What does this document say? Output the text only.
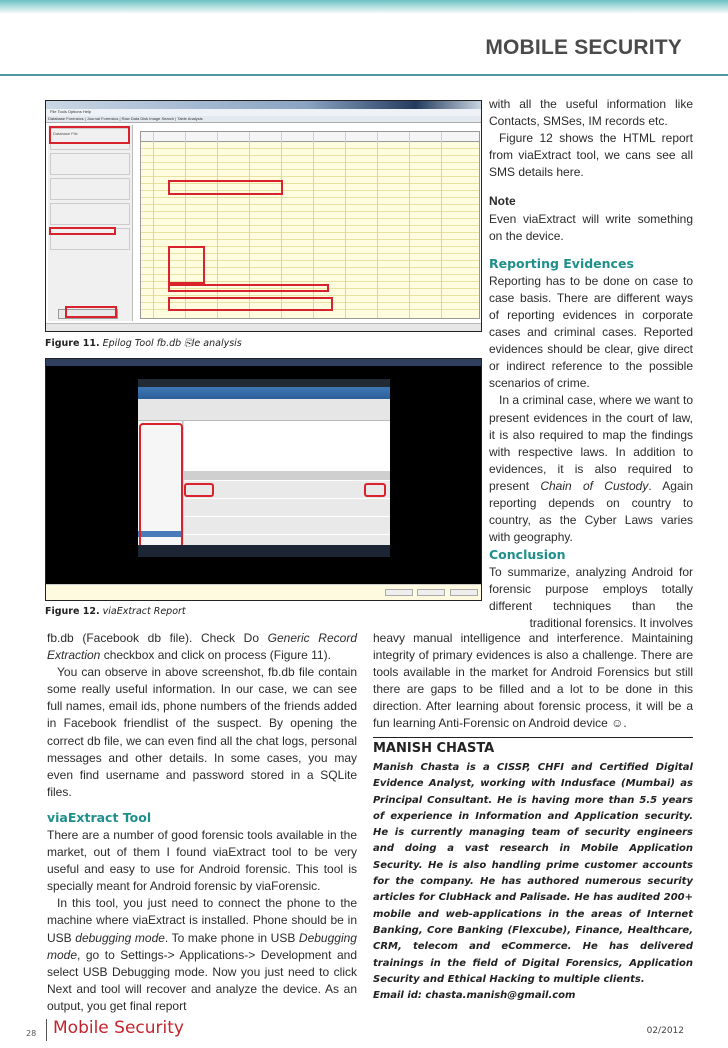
MOBILE SECURITY
File Tools Options Help
Database Forensics | Journal Forensics | Raw Data Disk Image Search | Table Analysis
Database File
Figure 11. Epilog Tool fb.db ⎘le analysis
Figure 12. viaExtract Report

with all the useful information like Contacts, SMSes, IM records etc.

Figure 12 shows the HTML report from viaExtract tool, we cans see all SMS details here.

Note

Even viaExtract will write something on the device.

Reporting Evidences

Reporting has to be done on case to case basis. There are different ways of reporting evidences in corporate cases and criminal cases. Reported evidences should be clear, give direct or indirect reference to the possible scenarios of crime.

In a criminal case, where we want to present evidences in the court of law, it is also required to map the findings with respective laws. In addition to evidences, it is also required to present Chain of Custody. Again reporting depends on country to country, as the Cyber Laws varies with geography.

Conclusion

To summarize, analyzing Android for forensic purpose employs totally different techniques than the traditional forensics. It involves

fb.db (Facebook db file). Check Do Generic Record Extraction checkbox and click on process (Figure 11).

You can observe in above screenshot, fb.db file contain some really useful information. In our case, we can see full names, email ids, phone numbers of the friends added in Facebook friendlist of the suspect. By opening the correct db file, we can even find all the chat logs, personal messages and other details. In some cases, you may even find username and password stored in a SQLite files.

viaExtract Tool

There are a number of good forensic tools available in the market, out of them I found viaExtract tool to be very useful and easy to use for Android forensic. This tool is specially meant for Android forensic by viaForensic.

In this tool, you just need to connect the phone to the machine where viaExtract is installed. Phone should be in USB debugging mode. To make phone in USB Debugging mode, go to Settings-> Applications-> Development and select USB Debugging mode. Now you just need to click Next and tool will recover and analyze the device. As an output, you get final report

heavy manual intelligence and interference. Maintaining integrity of primary evidences is also a challenge. There are tools available in the market for Android Forensics but still there are gaps to be filled and a lot to be done in this direction. After learning about forensic process, it will be a fun learning Anti-Forensic on Android device ☺.

MANISH CHASTA

Manish Chasta is a CISSP, CHFI and Certified Digital Evidence Analyst, working with Indusface (Mumbai) as Principal Consultant. He is having more than 5.5 years of experience in Information and Application security. He is currently managing team of security engineers and doing a vast research in Mobile Application Security. He is also handling prime customer accounts for the company. He has authored numerous security articles for ClubHack and Palisade. He has audited 200+ mobile and web-applications in the areas of Internet Banking, Core Banking (Flexcube), Finance, Healthcare, CRM, telecom and eCommerce. He has delivered trainings in the field of Digital Forensics, Application Security and Ethical Hacking to multiple clients.

Email id: chasta.manish@gmail.com

28 Mobile Security	02/2012
